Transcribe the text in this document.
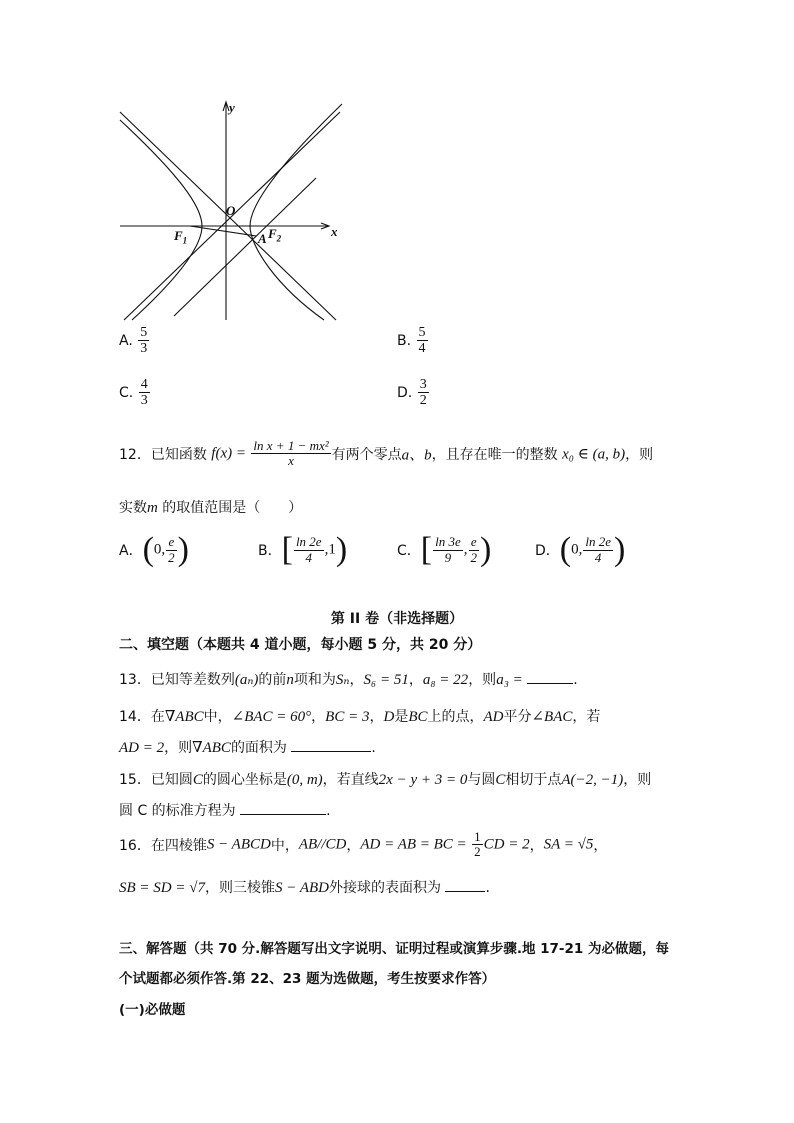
y
x
O
$F_1$	$F_2$
A
A. $\frac{5}{3}$	B. $\frac{5}{4}$
C. $\frac{4}{3}$	D. $\frac{3}{2}$
12．已知函数 $f(x) = \frac{\text{ln x + 1 − mx²}}{x}$ 有两个零点a、b，且存在唯一的整数 x₀ ∈ (a, b)，则
实数m 的取值范围是（　　）
A．(0, $\frac{e}{2}$ )	B．[ $\frac{\ln 2e}{4} ,1$)	C．[ $\frac{\ln 3e}{9}$ , $\frac{e}{2}$ )	D．(0, $\frac{\ln 2e}{4}$ )
第 II 卷（非选择题）
二、填空题（本题共 4 道小题，每小题 5 分，共 20 分）
13．已知等差数列(aₙ)的前n项和为Sₙ，S₆ = 51，a₈ = 22，则a₃ =	.
14．在∇ABC中，∠BAC = 60°，BC = 3，D是BC上的点，AD平分∠BAC，若
AD = 2，则∇ABC的面积为	.
15．已知圆C的圆心坐标是(0, m)，若直线2x − y + 3 = 0与圆C相切于点A(−2, −1)，则
圆 C 的标准方程为	.
16．在四棱锥S − ABCD中，AB//CD，AD = AB = BC = $\frac{1}{2}$ CD = 2，SA = √5，
SB = SD = √7，则三棱锥S − ABD外接球的表面积为	.
三、解答题（共 70 分.解答题写出文字说明、证明过程或演算步骤.地 17-21 为必做题，每
个试题都必须作答.第 22、23 题为选做题，考生按要求作答）
(一)必做题
